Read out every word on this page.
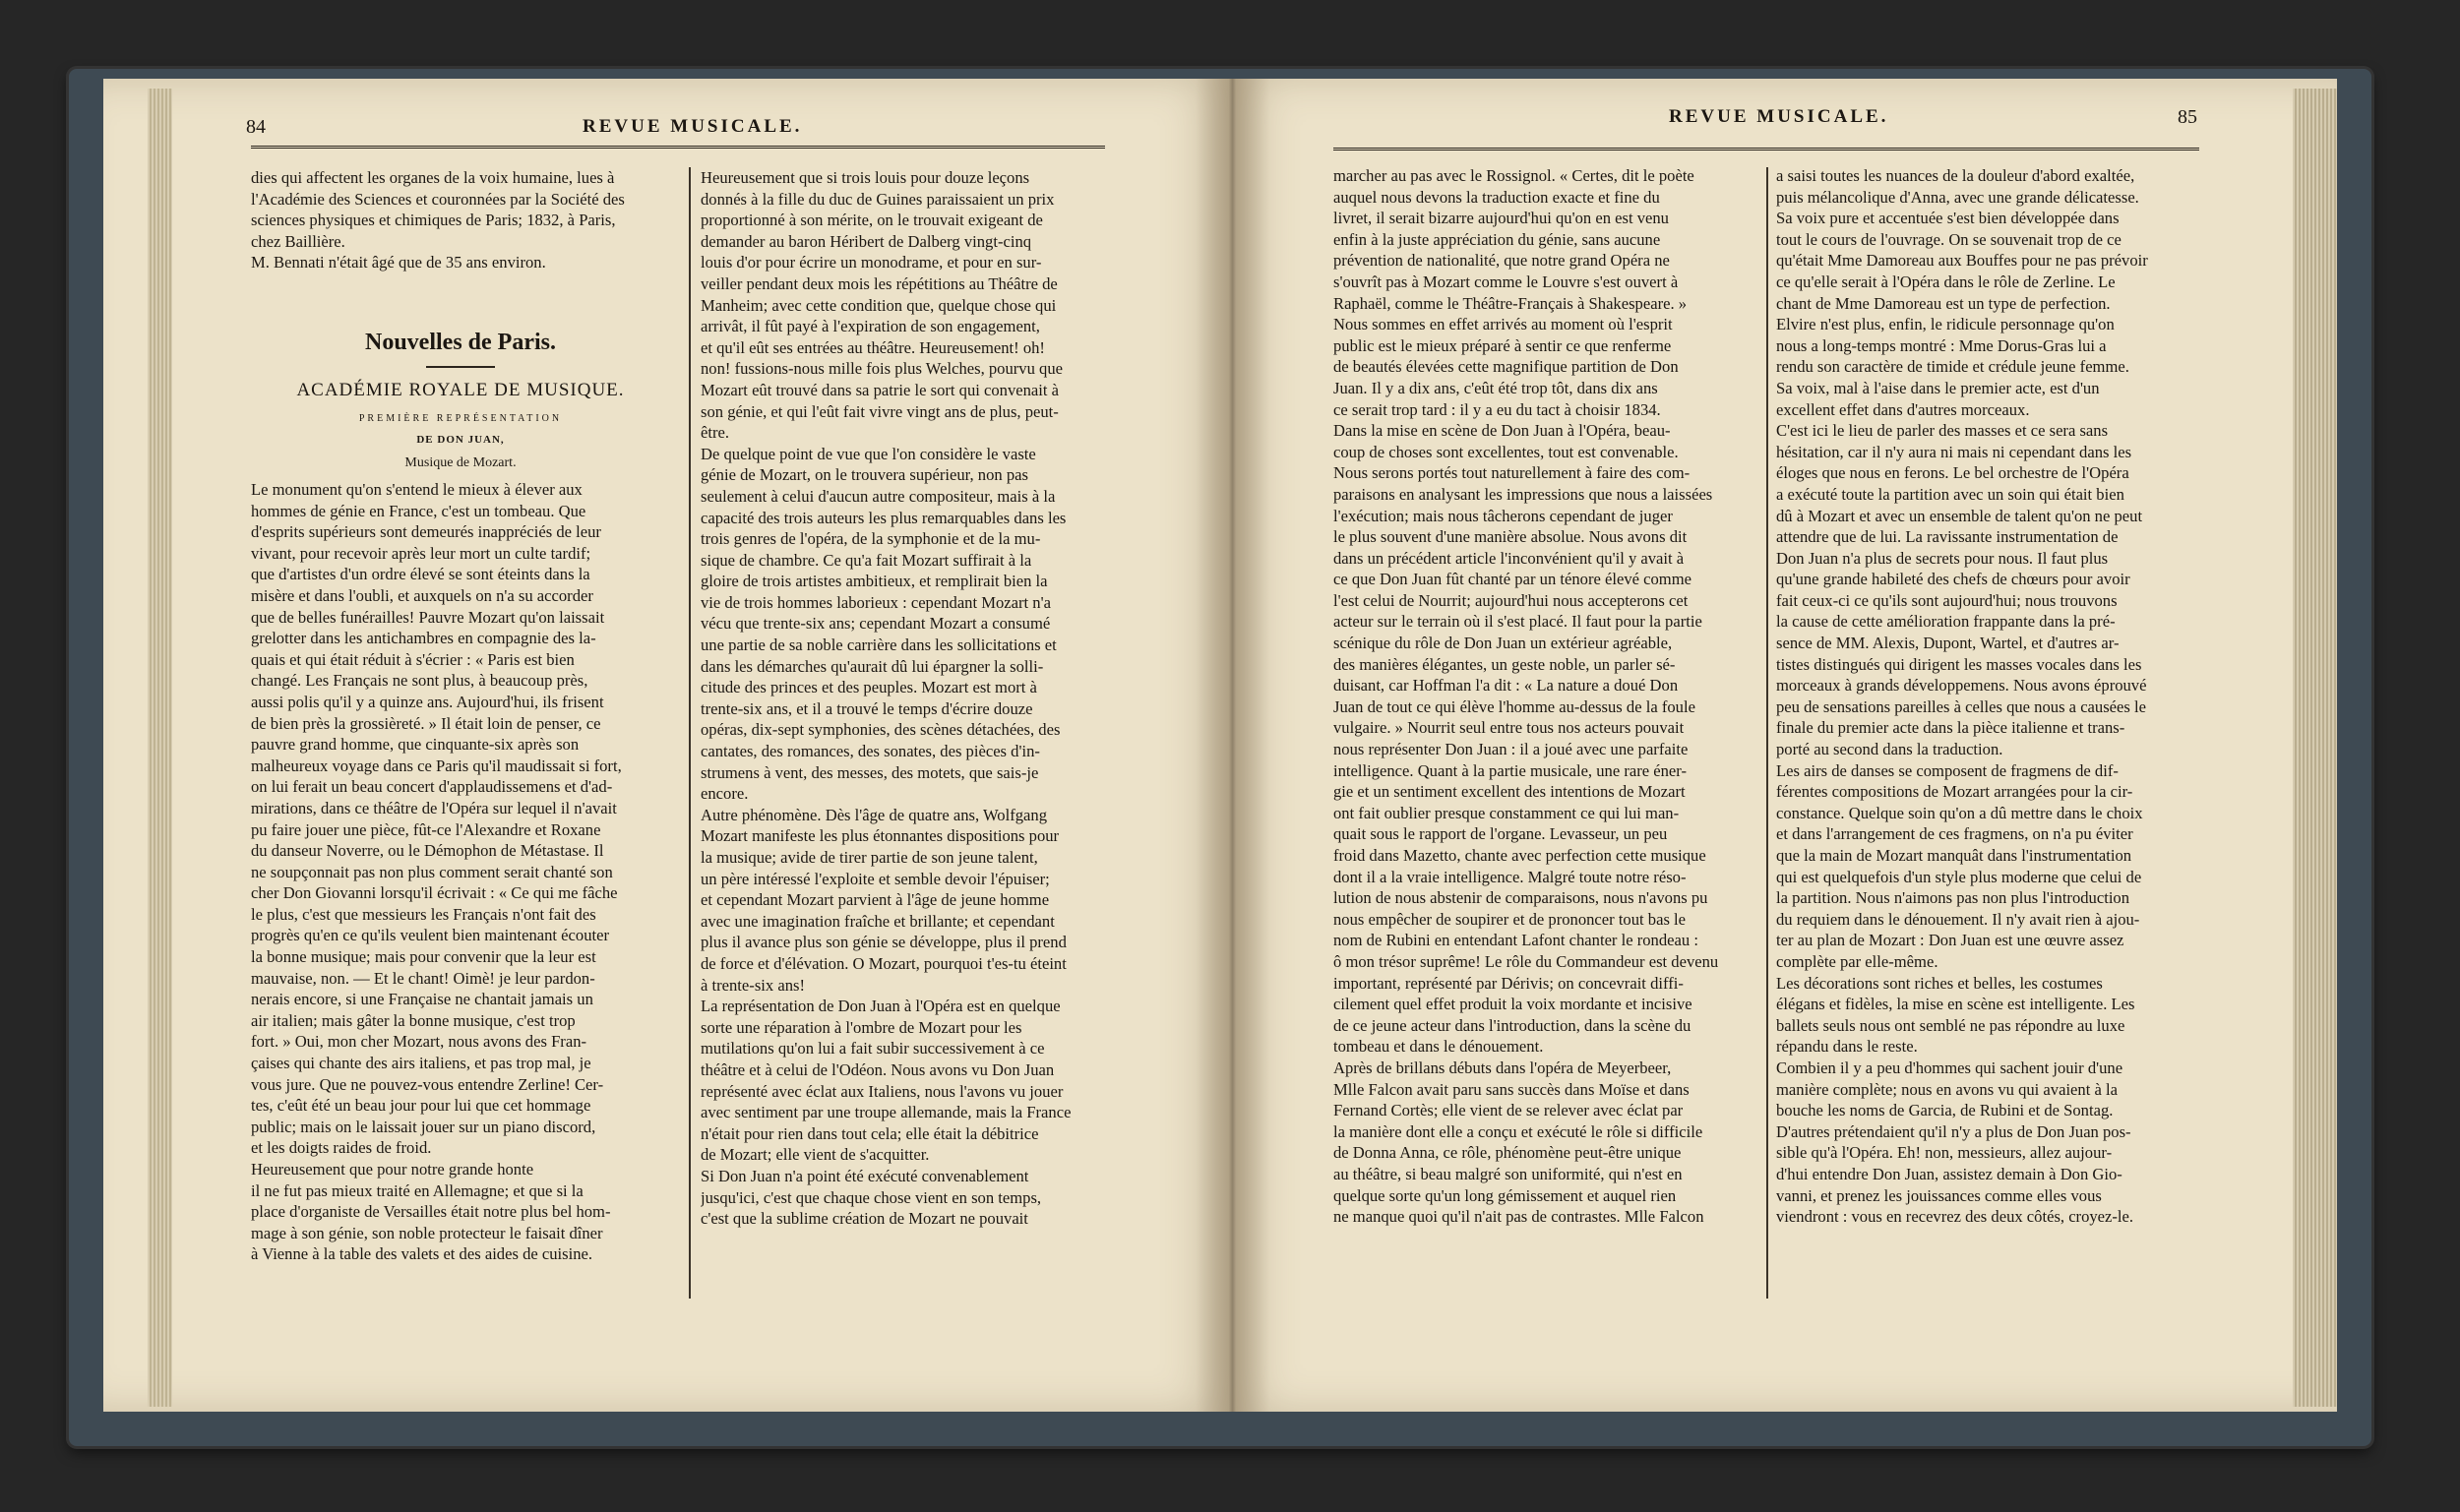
84	REVUE MUSICALE.
dies qui affectent les organes de la voix humaine, lues à
l'Académie des Sciences et couronnées par la Société des
sciences physiques et chimiques de Paris; 1832, à Paris,
chez Baillière.
M. Bennati n'était âgé que de 35 ans environ.
Nouvelles de Paris.
ACADÉMIE ROYALE DE MUSIQUE.
PREMIÈRE REPRÉSENTATION
DE DON JUAN,
Musique de Mozart.
Le monument qu'on s'entend le mieux à élever aux
hommes de génie en France, c'est un tombeau. Que
d'esprits supérieurs sont demeurés inappréciés de leur
vivant, pour recevoir après leur mort un culte tardif;
que d'artistes d'un ordre élevé se sont éteints dans la
misère et dans l'oubli, et auxquels on n'a su accorder
que de belles funérailles! Pauvre Mozart qu'on laissait
grelotter dans les antichambres en compagnie des la-
quais et qui était réduit à s'écrier : « Paris est bien
changé. Les Français ne sont plus, à beaucoup près,
aussi polis qu'il y a quinze ans. Aujourd'hui, ils frisent
de bien près la grossièreté. » Il était loin de penser, ce
pauvre grand homme, que cinquante-six après son
malheureux voyage dans ce Paris qu'il maudissait si fort,
on lui ferait un beau concert d'applaudissemens et d'ad-
mirations, dans ce théâtre de l'Opéra sur lequel il n'avait
pu faire jouer une pièce, fût-ce l'Alexandre et Roxane
du danseur Noverre, ou le Démophon de Métastase. Il
ne soupçonnait pas non plus comment serait chanté son
cher Don Giovanni lorsqu'il écrivait : « Ce qui me fâche
le plus, c'est que messieurs les Français n'ont fait des
progrès qu'en ce qu'ils veulent bien maintenant écouter
la bonne musique; mais pour convenir que la leur est
mauvaise, non. — Et le chant! Oimè! je leur pardon-
nerais encore, si une Française ne chantait jamais un
air italien; mais gâter la bonne musique, c'est trop
fort. » Oui, mon cher Mozart, nous avons des Fran-
çaises qui chante des airs italiens, et pas trop mal, je
vous jure. Que ne pouvez-vous entendre Zerline! Cer-
tes, c'eût été un beau jour pour lui que cet hommage
public; mais on le laissait jouer sur un piano discord,
et les doigts raides de froid.
Heureusement que pour notre grande honte
il ne fut pas mieux traité en Allemagne; et que si la
place d'organiste de Versailles était notre plus bel hom-
mage à son génie, son noble protecteur le faisait dîner
à Vienne à la table des valets et des aides de cuisine.
Heureusement que si trois louis pour douze leçons
donnés à la fille du duc de Guines paraissaient un prix
proportionné à son mérite, on le trouvait exigeant de
demander au baron Héribert de Dalberg vingt-cinq
louis d'or pour écrire un monodrame, et pour en sur-
veiller pendant deux mois les répétitions au Théâtre de
Manheim; avec cette condition que, quelque chose qui
arrivât, il fût payé à l'expiration de son engagement,
et qu'il eût ses entrées au théâtre. Heureusement! oh!
non! fussions-nous mille fois plus Welches, pourvu que
Mozart eût trouvé dans sa patrie le sort qui convenait à
son génie, et qui l'eût fait vivre vingt ans de plus, peut-
être.
De quelque point de vue que l'on considère le vaste
génie de Mozart, on le trouvera supérieur, non pas
seulement à celui d'aucun autre compositeur, mais à la
capacité des trois auteurs les plus remarquables dans les
trois genres de l'opéra, de la symphonie et de la mu-
sique de chambre. Ce qu'a fait Mozart suffirait à la
gloire de trois artistes ambitieux, et remplirait bien la
vie de trois hommes laborieux : cependant Mozart n'a
vécu que trente-six ans; cependant Mozart a consumé
une partie de sa noble carrière dans les sollicitations et
dans les démarches qu'aurait dû lui épargner la solli-
citude des princes et des peuples. Mozart est mort à
trente-six ans, et il a trouvé le temps d'écrire douze
opéras, dix-sept symphonies, des scènes détachées, des
cantates, des romances, des sonates, des pièces d'in-
strumens à vent, des messes, des motets, que sais-je
encore.
Autre phénomène. Dès l'âge de quatre ans, Wolfgang
Mozart manifeste les plus étonnantes dispositions pour
la musique; avide de tirer partie de son jeune talent,
un père intéressé l'exploite et semble devoir l'épuiser;
et cependant Mozart parvient à l'âge de jeune homme
avec une imagination fraîche et brillante; et cependant
plus il avance plus son génie se développe, plus il prend
de force et d'élévation. O Mozart, pourquoi t'es-tu éteint
à trente-six ans!
La représentation de Don Juan à l'Opéra est en quelque
sorte une réparation à l'ombre de Mozart pour les
mutilations qu'on lui a fait subir successivement à ce
théâtre et à celui de l'Odéon. Nous avons vu Don Juan
représenté avec éclat aux Italiens, nous l'avons vu jouer
avec sentiment par une troupe allemande, mais la France
n'était pour rien dans tout cela; elle était la débitrice
de Mozart; elle vient de s'acquitter.
Si Don Juan n'a point été exécuté convenablement
jusqu'ici, c'est que chaque chose vient en son temps,
c'est que la sublime création de Mozart ne pouvait
REVUE MUSICALE.	85
marcher au pas avec le Rossignol. « Certes, dit le poète
auquel nous devons la traduction exacte et fine du
livret, il serait bizarre aujourd'hui qu'on en est venu
enfin à la juste appréciation du génie, sans aucune
prévention de nationalité, que notre grand Opéra ne
s'ouvrît pas à Mozart comme le Louvre s'est ouvert à
Raphaël, comme le Théâtre-Français à Shakespeare. »
Nous sommes en effet arrivés au moment où l'esprit
public est le mieux préparé à sentir ce que renferme
de beautés élevées cette magnifique partition de Don
Juan. Il y a dix ans, c'eût été trop tôt, dans dix ans
ce serait trop tard : il y a eu du tact à choisir 1834.
Dans la mise en scène de Don Juan à l'Opéra, beau-
coup de choses sont excellentes, tout est convenable.
Nous serons portés tout naturellement à faire des com-
paraisons en analysant les impressions que nous a laissées
l'exécution; mais nous tâcherons cependant de juger
le plus souvent d'une manière absolue. Nous avons dit
dans un précédent article l'inconvénient qu'il y avait à
ce que Don Juan fût chanté par un ténore élevé comme
l'est celui de Nourrit; aujourd'hui nous accepterons cet
acteur sur le terrain où il s'est placé. Il faut pour la partie
scénique du rôle de Don Juan un extérieur agréable,
des manières élégantes, un geste noble, un parler sé-
duisant, car Hoffman l'a dit : « La nature a doué Don
Juan de tout ce qui élève l'homme au-dessus de la foule
vulgaire. » Nourrit seul entre tous nos acteurs pouvait
nous représenter Don Juan : il a joué avec une parfaite
intelligence. Quant à la partie musicale, une rare éner-
gie et un sentiment excellent des intentions de Mozart
ont fait oublier presque constamment ce qui lui man-
quait sous le rapport de l'organe. Levasseur, un peu
froid dans Mazetto, chante avec perfection cette musique
dont il a la vraie intelligence. Malgré toute notre réso-
lution de nous abstenir de comparaisons, nous n'avons pu
nous empêcher de soupirer et de prononcer tout bas le
nom de Rubini en entendant Lafont chanter le rondeau :
ô mon trésor suprême! Le rôle du Commandeur est devenu
important, représenté par Dérivis; on concevrait diffi-
cilement quel effet produit la voix mordante et incisive
de ce jeune acteur dans l'introduction, dans la scène du
tombeau et dans le dénouement.
Après de brillans débuts dans l'opéra de Meyerbeer,
Mlle Falcon avait paru sans succès dans Moïse et dans
Fernand Cortès; elle vient de se relever avec éclat par
la manière dont elle a conçu et exécuté le rôle si difficile
de Donna Anna, ce rôle, phénomène peut-être unique
au théâtre, si beau malgré son uniformité, qui n'est en
quelque sorte qu'un long gémissement et auquel rien
ne manque quoi qu'il n'ait pas de contrastes. Mlle Falcon
a saisi toutes les nuances de la douleur d'abord exaltée,
puis mélancolique d'Anna, avec une grande délicatesse.
Sa voix pure et accentuée s'est bien développée dans
tout le cours de l'ouvrage. On se souvenait trop de ce
qu'était Mme Damoreau aux Bouffes pour ne pas prévoir
ce qu'elle serait à l'Opéra dans le rôle de Zerline. Le
chant de Mme Damoreau est un type de perfection.
Elvire n'est plus, enfin, le ridicule personnage qu'on
nous a long-temps montré : Mme Dorus-Gras lui a
rendu son caractère de timide et crédule jeune femme.
Sa voix, mal à l'aise dans le premier acte, est d'un
excellent effet dans d'autres morceaux.
C'est ici le lieu de parler des masses et ce sera sans
hésitation, car il n'y aura ni mais ni cependant dans les
éloges que nous en ferons. Le bel orchestre de l'Opéra
a exécuté toute la partition avec un soin qui était bien
dû à Mozart et avec un ensemble de talent qu'on ne peut
attendre que de lui. La ravissante instrumentation de
Don Juan n'a plus de secrets pour nous. Il faut plus
qu'une grande habileté des chefs de chœurs pour avoir
fait ceux-ci ce qu'ils sont aujourd'hui; nous trouvons
la cause de cette amélioration frappante dans la pré-
sence de MM. Alexis, Dupont, Wartel, et d'autres ar-
tistes distingués qui dirigent les masses vocales dans les
morceaux à grands développemens. Nous avons éprouvé
peu de sensations pareilles à celles que nous a causées le
finale du premier acte dans la pièce italienne et trans-
porté au second dans la traduction.
Les airs de danses se composent de fragmens de dif-
férentes compositions de Mozart arrangées pour la cir-
constance. Quelque soin qu'on a dû mettre dans le choix
et dans l'arrangement de ces fragmens, on n'a pu éviter
que la main de Mozart manquât dans l'instrumentation
qui est quelquefois d'un style plus moderne que celui de
la partition. Nous n'aimons pas non plus l'introduction
du requiem dans le dénouement. Il n'y avait rien à ajou-
ter au plan de Mozart : Don Juan est une œuvre assez
complète par elle-même.
Les décorations sont riches et belles, les costumes
élégans et fidèles, la mise en scène est intelligente. Les
ballets seuls nous ont semblé ne pas répondre au luxe
répandu dans le reste.
Combien il y a peu d'hommes qui sachent jouir d'une
manière complète; nous en avons vu qui avaient à la
bouche les noms de Garcia, de Rubini et de Sontag.
D'autres prétendaient qu'il n'y a plus de Don Juan pos-
sible qu'à l'Opéra. Eh! non, messieurs, allez aujour-
d'hui entendre Don Juan, assistez demain à Don Gio-
vanni, et prenez les jouissances comme elles vous
viendront : vous en recevrez des deux côtés, croyez-le.
